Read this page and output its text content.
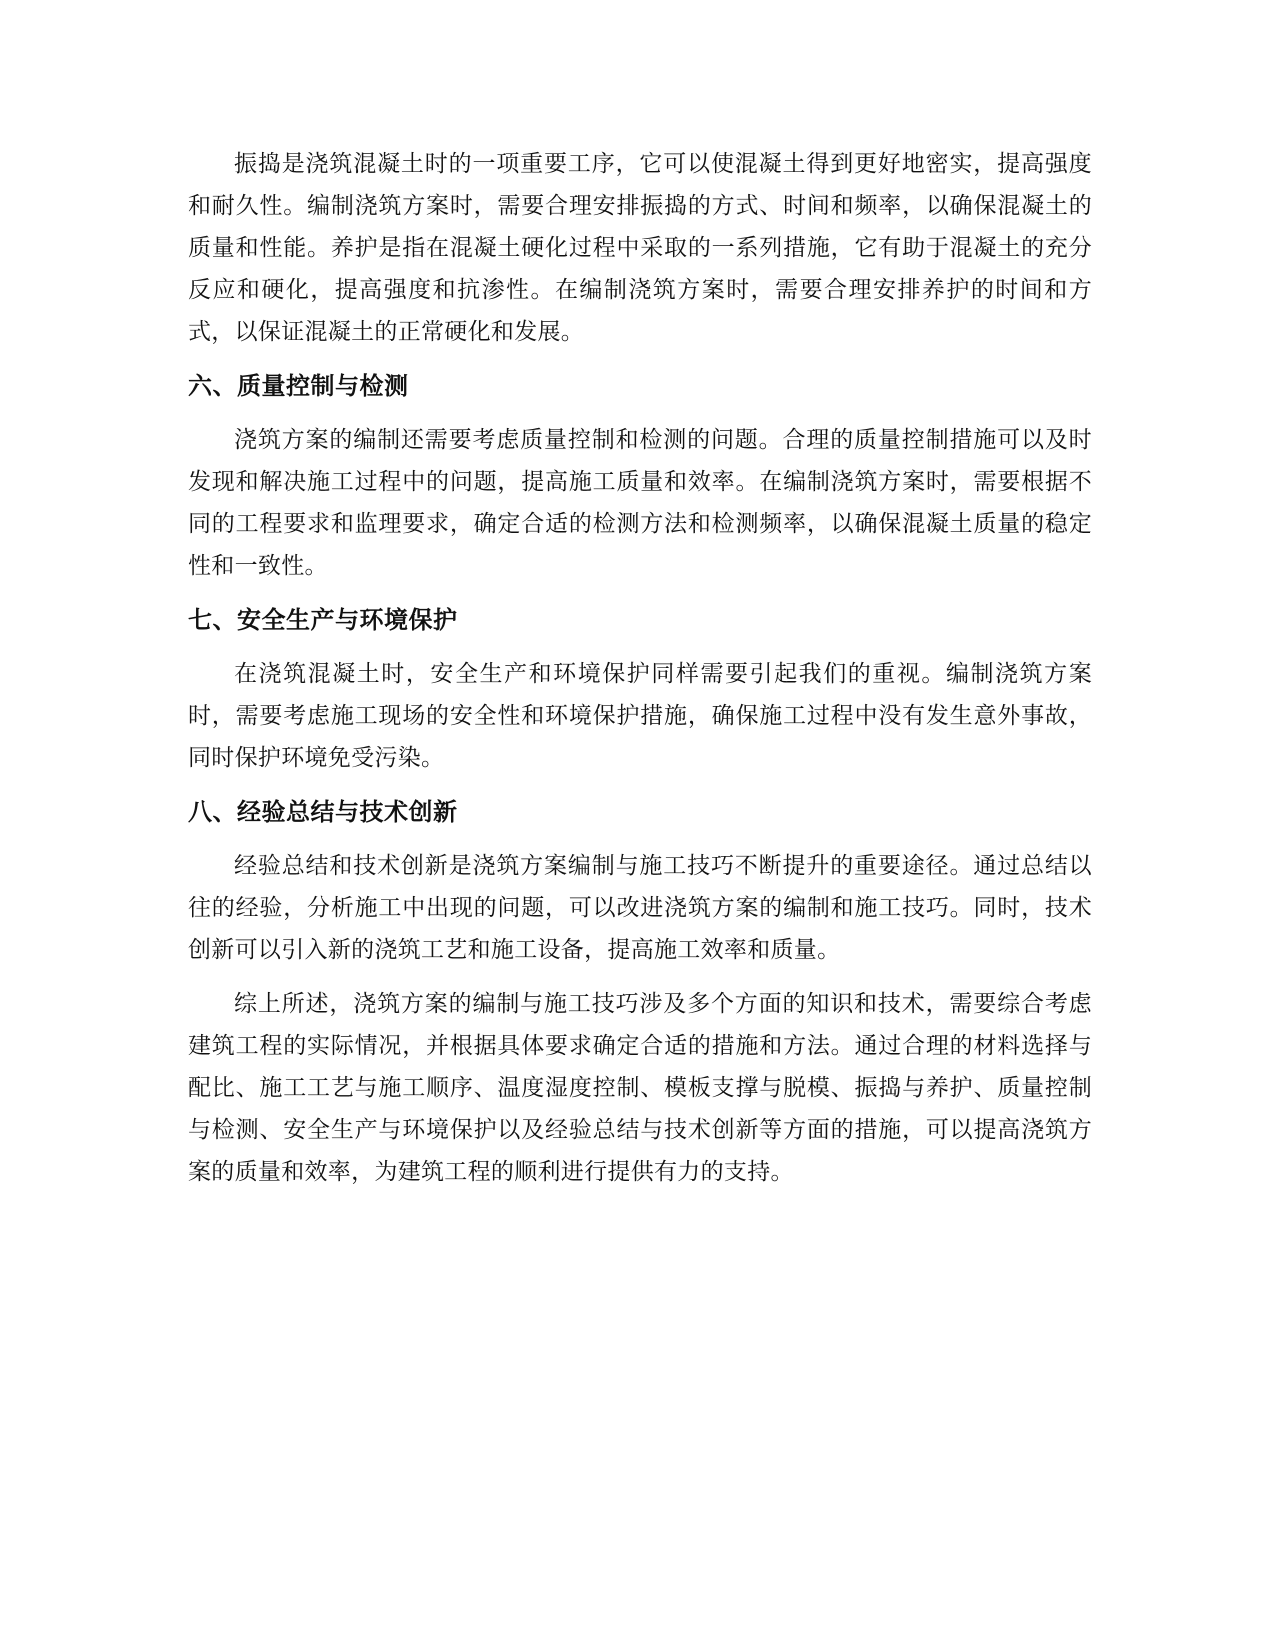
振捣是浇筑混凝土时的一项重要工序，它可以使混凝土得到更好地密实，提高强度和耐久性。编制浇筑方案时，需要合理安排振捣的方式、时间和频率，以确保混凝土的质量和性能。养护是指在混凝土硬化过程中采取的一系列措施，它有助于混凝土的充分反应和硬化，提高强度和抗渗性。在编制浇筑方案时，需要合理安排养护的时间和方式，以保证混凝土的正常硬化和发展。

六、质量控制与检测

浇筑方案的编制还需要考虑质量控制和检测的问题。合理的质量控制措施可以及时发现和解决施工过程中的问题，提高施工质量和效率。在编制浇筑方案时，需要根据不同的工程要求和监理要求，确定合适的检测方法和检测频率，以确保混凝土质量的稳定性和一致性。

七、安全生产与环境保护

在浇筑混凝土时，安全生产和环境保护同样需要引起我们的重视。编制浇筑方案时，需要考虑施工现场的安全性和环境保护措施，确保施工过程中没有发生意外事故，同时保护环境免受污染。

八、经验总结与技术创新

经验总结和技术创新是浇筑方案编制与施工技巧不断提升的重要途径。通过总结以往的经验，分析施工中出现的问题，可以改进浇筑方案的编制和施工技巧。同时，技术创新可以引入新的浇筑工艺和施工设备，提高施工效率和质量。

综上所述，浇筑方案的编制与施工技巧涉及多个方面的知识和技术，需要综合考虑建筑工程的实际情况，并根据具体要求确定合适的措施和方法。通过合理的材料选择与配比、施工工艺与施工顺序、温度湿度控制、模板支撑与脱模、振捣与养护、质量控制与检测、安全生产与环境保护以及经验总结与技术创新等方面的措施，可以提高浇筑方案的质量和效率，为建筑工程的顺利进行提供有力的支持。
